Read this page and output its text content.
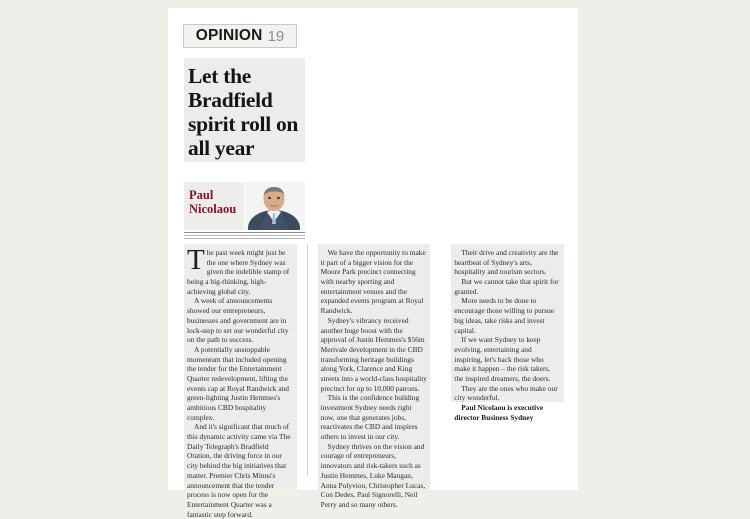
OPINION 19
Let the Bradfield spirit roll on all year
Paul
Nicolaou

The past week might just be the one where Sydney was given the indelible stamp of being a big-thinking, high-achieving global city.

A week of announcements showed our entrepreneurs, businesses and government are in lock-step to set our wonderful city on the path to success.

A potentially unstoppable momentum that included opening the tender for the Entertainment Quarter redevelopment, lifting the events cap at Royal Randwick and green-lighting Justin Hemmes's ambitious CBD hospitality complex.

And it's significant that much of this dynamic activity came via The Daily Telegraph's Bradfield Oration, the driving force in our city behind the big initiatives that matter. Premier Chris Minns's announcement that the tender process is now open for the Entertainment Quarter was a fantastic step forward.

We have the opportunity to make it part of a bigger vision for the Moore Park precinct connecting with nearby sporting and entertainment venues and the expanded events program at Royal Randwick.

Sydney's vibrancy received another huge boost with the approval of Justin Hemmes's $56m Merivale development in the CBD transforming heritage buildings along York, Clarence and King streets into a world-class hospitality precinct for up to 10,000 patrons.

This is the confidence building investment Sydney needs right now, one that generates jobs, reactivates the CBD and inspires others to invest in our city.

Sydney thrives on the vision and courage of entrepreneurs, innovators and risk-takers such as Justin Hemmes, Luke Mangan, Anna Polyviou, Christopher Lucas, Con Dedes, Paul Signorelli, Neil Perry and so many others.

Their drive and creativity are the heartbeat of Sydney's arts, hospitality and tourism sectors.

But we cannot take that spirit for granted.

More needs to be done to encourage those willing to pursue big ideas, take risks and invest capital.

If we want Sydney to keep evolving, entertaining and inspiring, let's back those who make it happen – the risk takers, the inspired dreamers, the doers.

They are the ones who make our city wonderful.

Paul Nicolaou is executive director Business Sydney
